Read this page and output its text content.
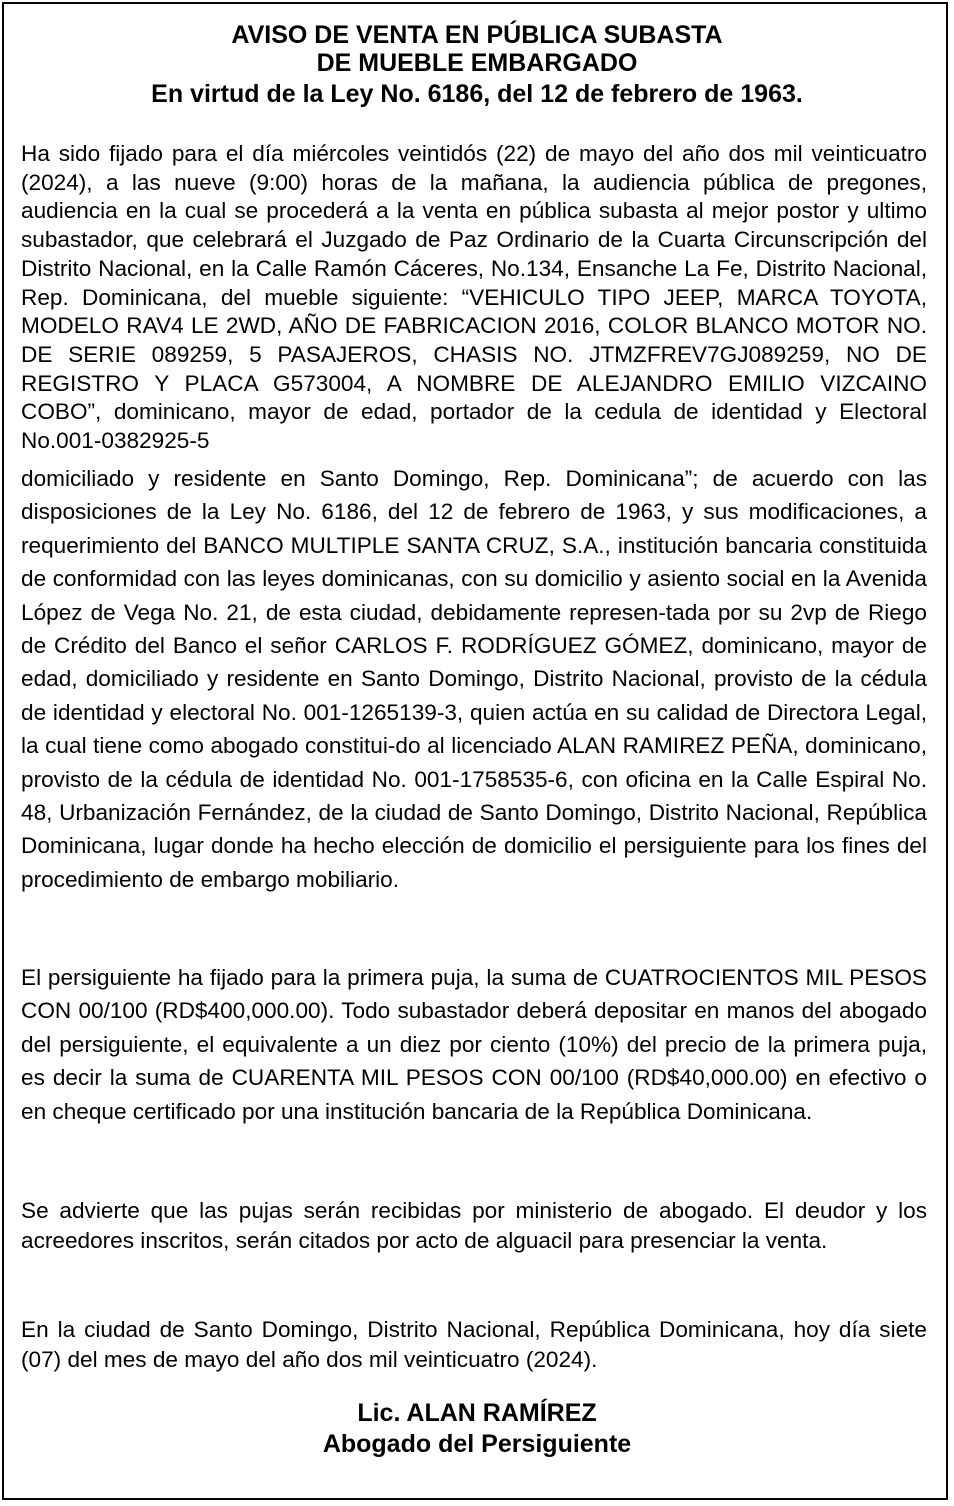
AVISO DE VENTA EN PÚBLICA SUBASTA

DE MUEBLE EMBARGADO

En virtud de la Ley No. 6186, del 12 de febrero de 1963.

Ha sido fijado para el día miércoles veintidós (22) de mayo del año dos mil veinticuatro (2024), a las nueve (9:00) horas de la mañana, la audiencia pública de pregones, audiencia en la cual se procederá a la venta en pública subasta al mejor postor y ultimo subastador, que celebrará el Juzgado de Paz Ordinario de la Cuarta Circunscripción del Distrito Nacional, en la Calle Ramón Cáceres, No.134, Ensanche La Fe, Distrito Nacional, Rep. Dominicana, del mueble siguiente: “VEHICULO TIPO JEEP, MARCA TOYOTA, MODELO RAV4 LE 2WD, AÑO DE FABRICACION 2016, COLOR BLANCO MOTOR NO. DE SERIE 089259, 5 PASAJEROS, CHASIS NO. JTMZFREV7GJ089259, NO DE REGISTRO Y PLACA G573004, A NOMBRE DE ALEJANDRO EMILIO VIZCAINO COBO”, dominicano, mayor de edad, portador de la cedula de identidad y Electoral No.001-0382925-5

domiciliado y residente en Santo Domingo, Rep. Dominicana”; de acuerdo con las disposiciones de la Ley No. 6186, del 12 de febrero de 1963, y sus modificaciones, a requerimiento del BANCO MULTIPLE SANTA CRUZ, S.A., institución bancaria constituida de conformidad con las leyes dominicanas, con su domicilio y asiento social en la Avenida López de Vega No. 21, de esta ciudad, debidamente represen-tada por su 2vp de Riego de Crédito del Banco el señor CARLOS F. RODRÍGUEZ GÓMEZ, dominicano, mayor de edad, domiciliado y residente en Santo Domingo, Distrito Nacional, provisto de la cédula de identidad y electoral No. 001-1265139-3, quien actúa en su calidad de Directora Legal, la cual tiene como abogado constitui-do al licenciado ALAN RAMIREZ PEÑA, dominicano, provisto de la cédula de identidad No. 001-1758535-6, con oficina en la Calle Espiral No. 48, Urbanización Fernández, de la ciudad de Santo Domingo, Distrito Nacional, República Dominicana, lugar donde ha hecho elección de domicilio el persiguiente para los fines del procedimiento de embargo mobiliario.

El persiguiente ha fijado para la primera puja, la suma de CUATROCIENTOS MIL PESOS CON 00/100 (RD$400,000.00). Todo subastador deberá depositar en manos del abogado del persiguiente, el equivalente a un diez por ciento (10%) del precio de la primera puja, es decir la suma de CUARENTA MIL PESOS CON 00/100 (RD$40,000.00) en efectivo o en cheque certificado por una institución bancaria de la República Dominicana.

Se advierte que las pujas serán recibidas por ministerio de abogado. El deudor y los acreedores inscritos, serán citados por acto de alguacil para presenciar la venta.

En la ciudad de Santo Domingo, Distrito Nacional, República Dominicana, hoy día siete (07) del mes de mayo del año dos mil veinticuatro (2024).

Lic. ALAN RAMÍREZ

Abogado del Persiguiente
